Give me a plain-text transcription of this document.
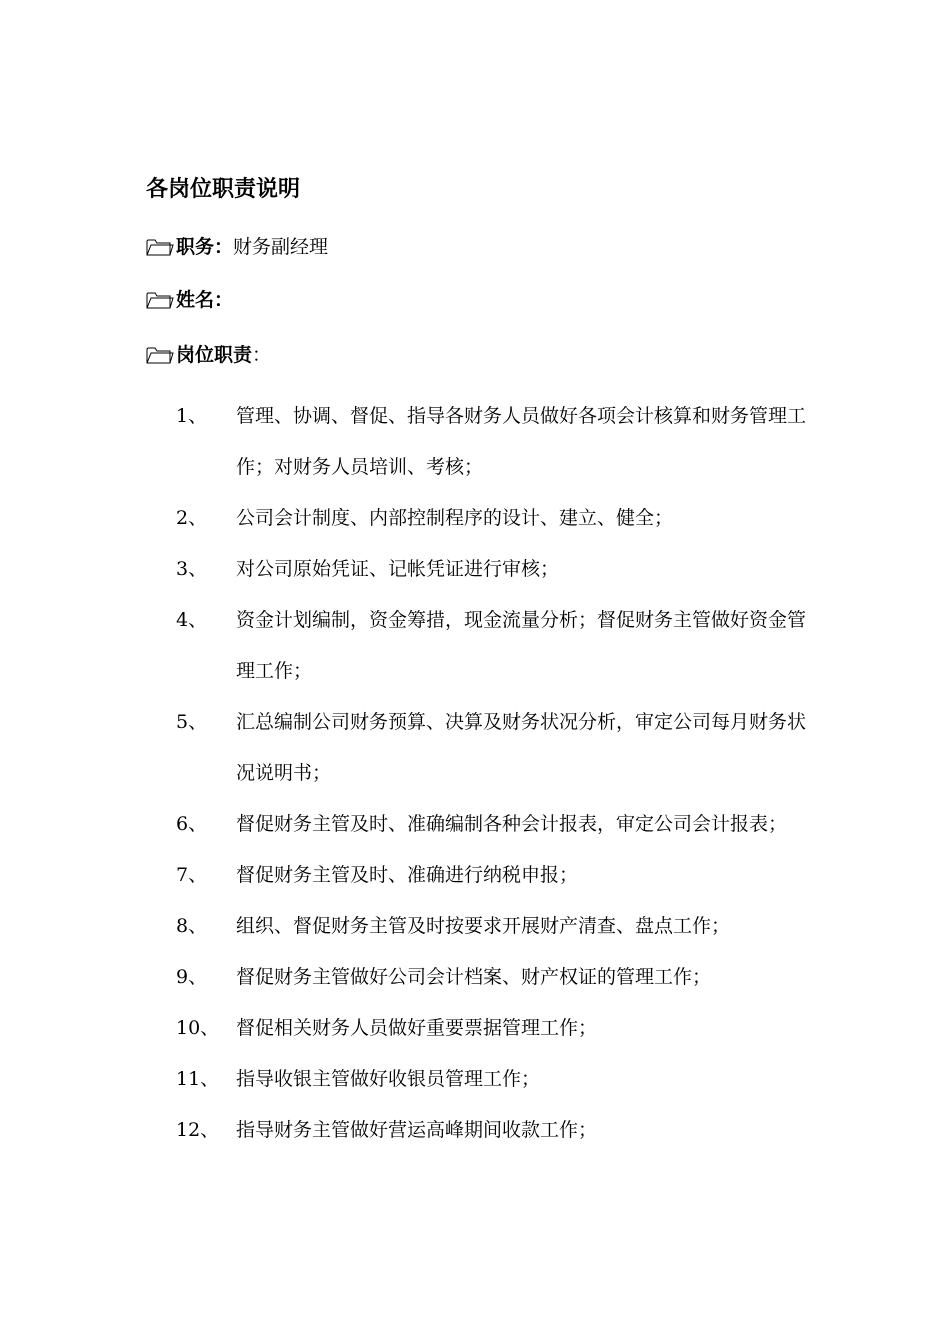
各岗位职责说明
职务 ： 财务副经理
姓名 ：
岗位职责 ：
1、	管理、协调、督促、指导各财务人员做好各项会计核算和财务管理工作；对财务人员培训、考核；
2、	公司会计制度、内部控制程序的设计、建立、健全；
3、	对公司原始凭证、记帐凭证进行审核；
4、	资金计划编制，资金筹措，现金流量分析；督促财务主管做好资金管理工作；
5、	汇总编制公司财务预算、决算及财务状况分析，审定公司每月财务状况说明书；
6、	督促财务主管及时、准确编制各种会计报表，审定公司会计报表；
7、	督促财务主管及时、准确进行纳税申报；
8、	组织、督促财务主管及时按要求开展财产清查、盘点工作；
9、	督促财务主管做好公司会计档案、财产权证的管理工作；
10、 督促相关财务人员做好重要票据管理工作；
11、 指导收银主管做好收银员管理工作；
12、 指导财务主管做好营运高峰期间收款工作；
